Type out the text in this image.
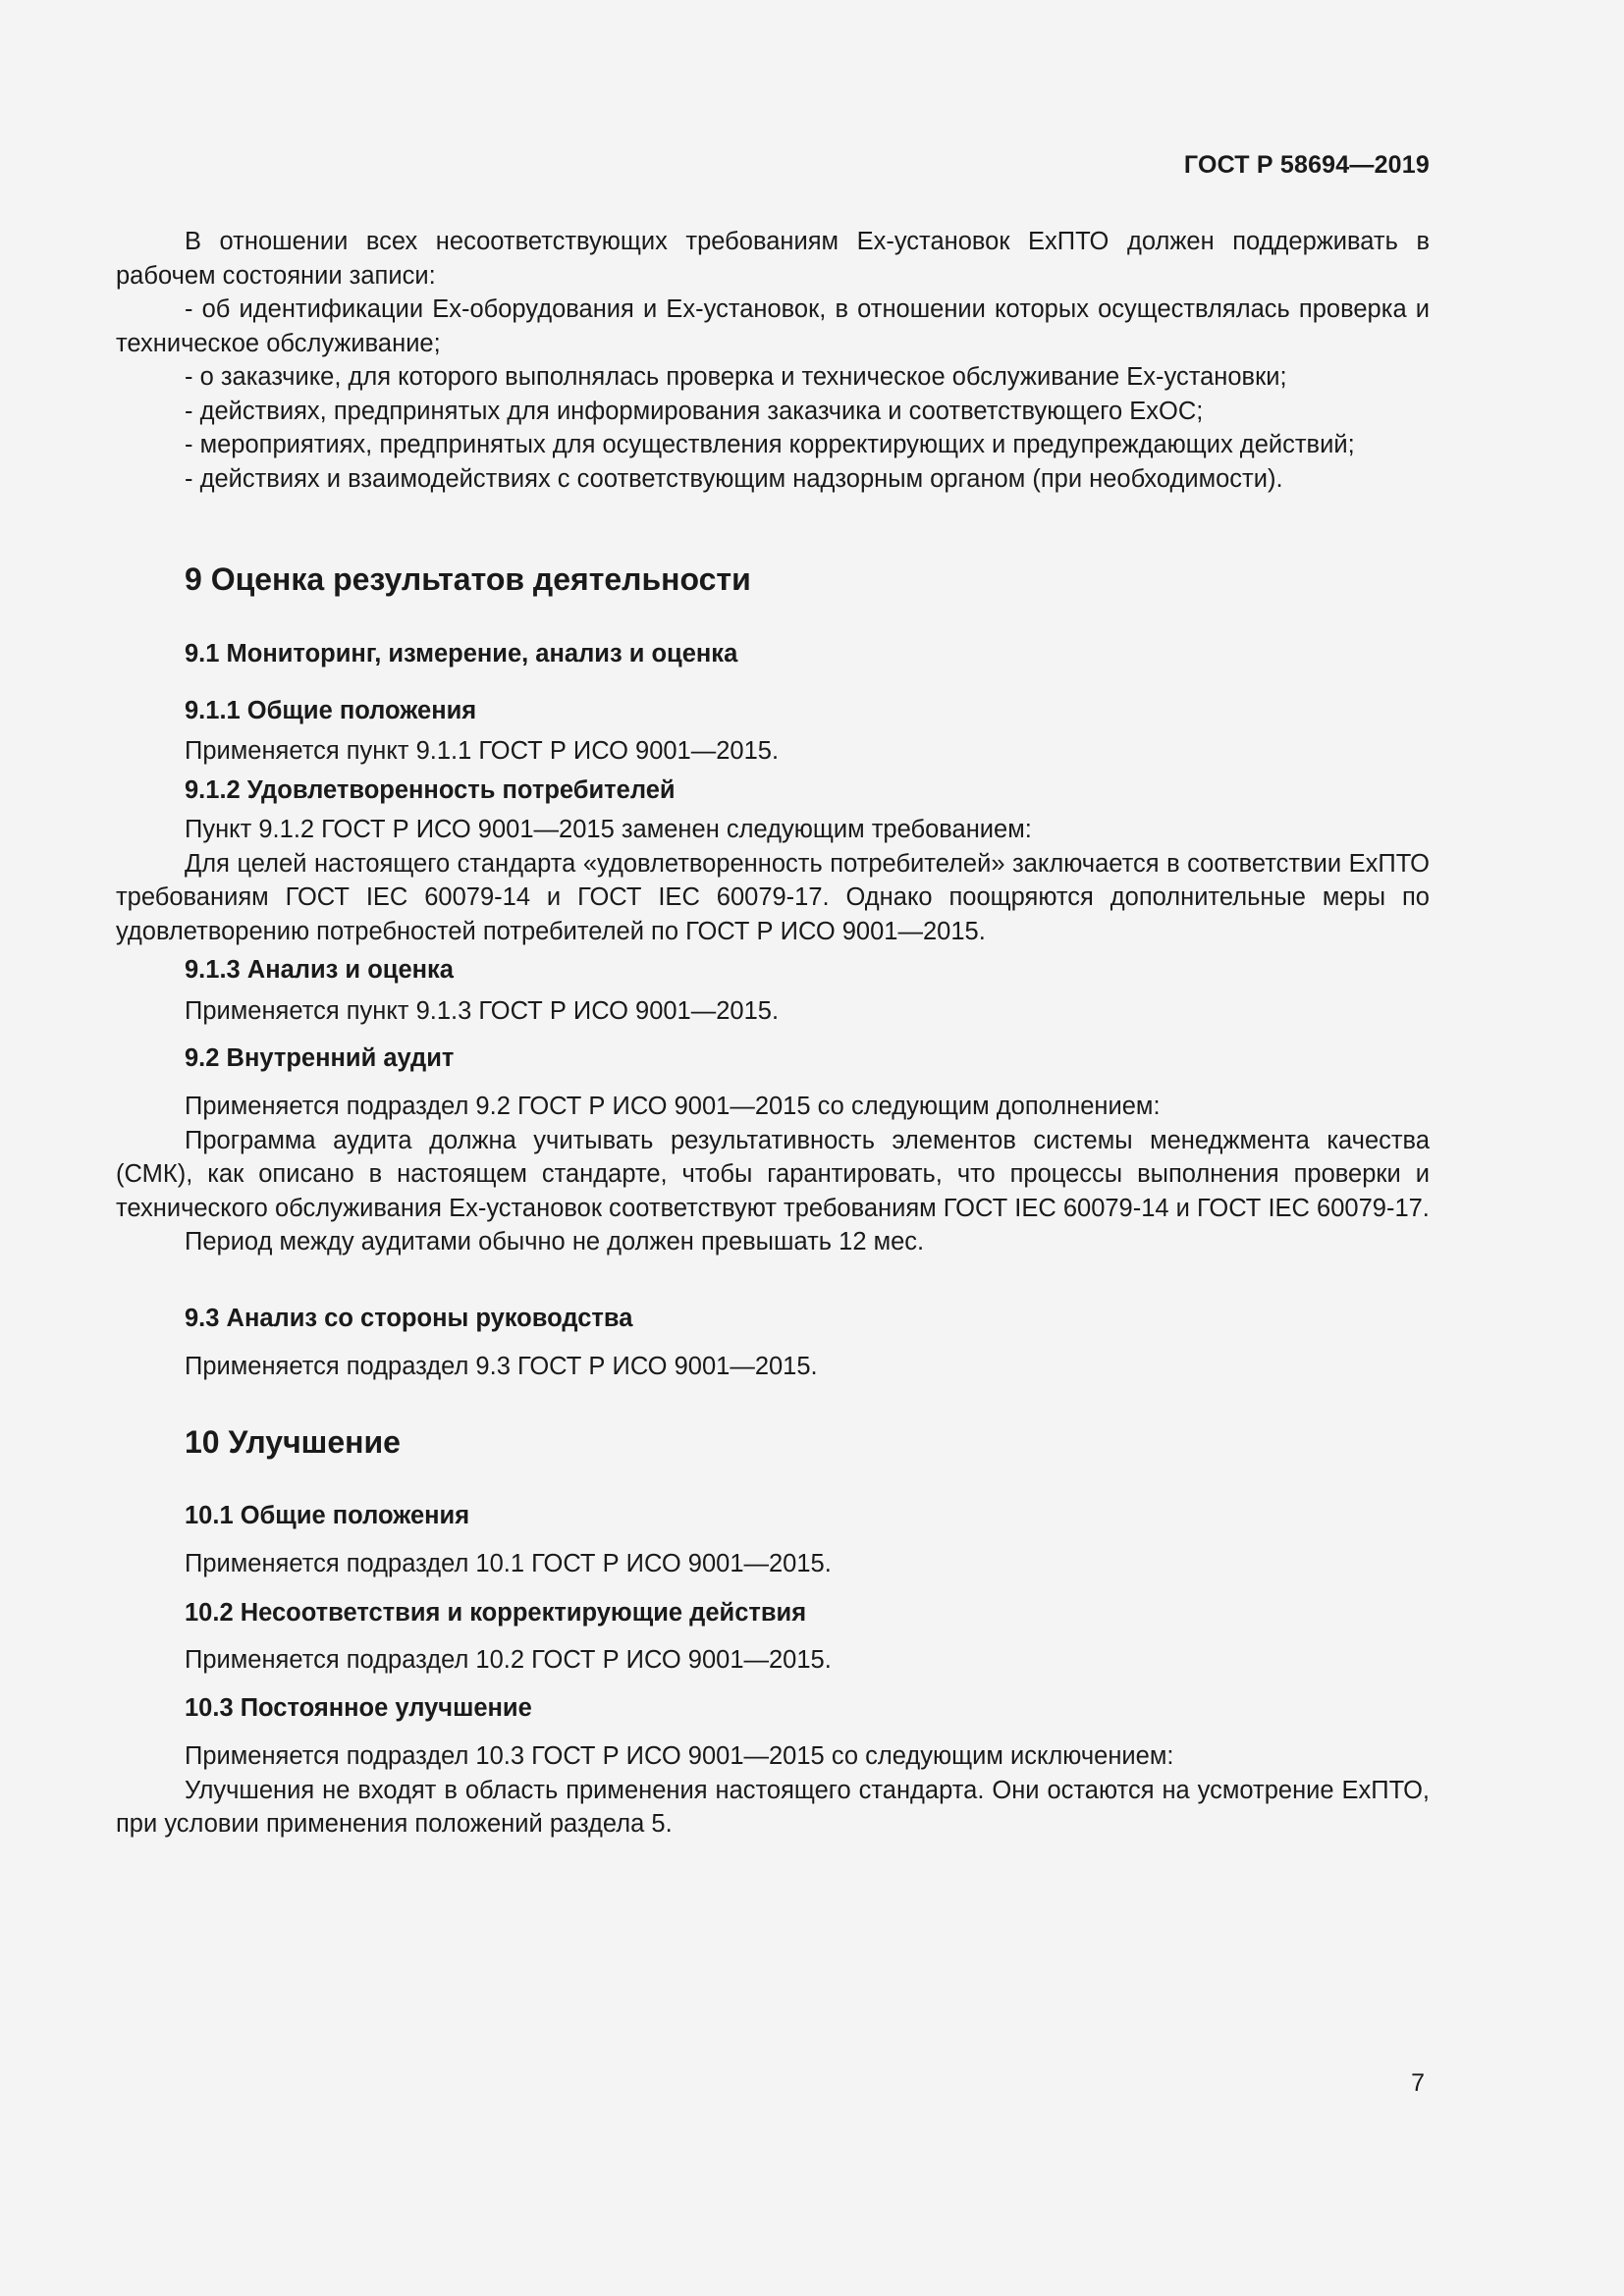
ГОСТ Р 58694—2019

В отношении всех несоответствующих требованиям Ex-установок ExПТО должен поддерживать в рабочем состоянии записи:

- об идентификации Ex-оборудования и Ex-установок, в отношении которых осуществлялась проверка и техническое обслуживание;

- о заказчике, для которого выполнялась проверка и техническое обслуживание Ex-установки;

- действиях, предпринятых для информирования заказчика и соответствующего ExОС;

- мероприятиях, предпринятых для осуществления корректирующих и предупреждающих действий;

- действиях и взаимодействиях с соответствующим надзорным органом (при необходимости).

9 Оценка результатов деятельности
9.1 Мониторинг, измерение, анализ и оценка
9.1.1 Общие положения

Применяется пункт 9.1.1 ГОСТ Р ИСО 9001—2015.

9.1.2 Удовлетворенность потребителей

Пункт 9.1.2 ГОСТ Р ИСО 9001—2015 заменен следующим требованием:

Для целей настоящего стандарта «удовлетворенность потребителей» заключается в соответствии ExПТО требованиям ГОСТ IEC 60079-14 и ГОСТ IEC 60079-17. Однако поощряются дополнительные меры по удовлетворению потребностей потребителей по ГОСТ Р ИСО 9001—2015.

9.1.3 Анализ и оценка

Применяется пункт 9.1.3 ГОСТ Р ИСО 9001—2015.

9.2 Внутренний аудит

Применяется подраздел 9.2 ГОСТ Р ИСО 9001—2015 со следующим дополнением:

Программа аудита должна учитывать результативность элементов системы менеджмента качества (СМК), как описано в настоящем стандарте, чтобы гарантировать, что процессы выполнения проверки и технического обслуживания Ex-установок соответствуют требованиям ГОСТ IEC 60079-14 и ГОСТ IEC 60079-17.

Период между аудитами обычно не должен превышать 12 мес.

9.3 Анализ со стороны руководства

Применяется подраздел 9.3 ГОСТ Р ИСО 9001—2015.

10 Улучшение
10.1 Общие положения

Применяется подраздел 10.1 ГОСТ Р ИСО 9001—2015.

10.2 Несоответствия и корректирующие действия

Применяется подраздел 10.2 ГОСТ Р ИСО 9001—2015.

10.3 Постоянное улучшение

Применяется подраздел 10.3 ГОСТ Р ИСО 9001—2015 со следующим исключением:

Улучшения не входят в область применения настоящего стандарта. Они остаются на усмотрение ExПТО, при условии применения положений раздела 5.

7
